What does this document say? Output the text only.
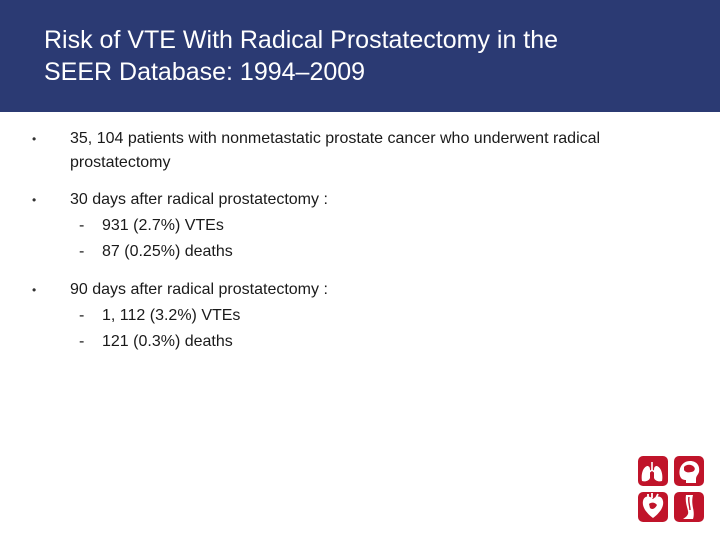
Risk of VTE With Radical Prostatectomy in the
SEER Database: 1994–2009
• 35, 104 patients with nonmetastatic prostate cancer who underwent radical
prostatectomy
• 30 days after radical prostatectomy :
- 931 (2.7%) VTEs
- 87 (0.25%) deaths
• 90 days after radical prostatectomy :
- 1, 112 (3.2%) VTEs
- 121 (0.3%) deaths
